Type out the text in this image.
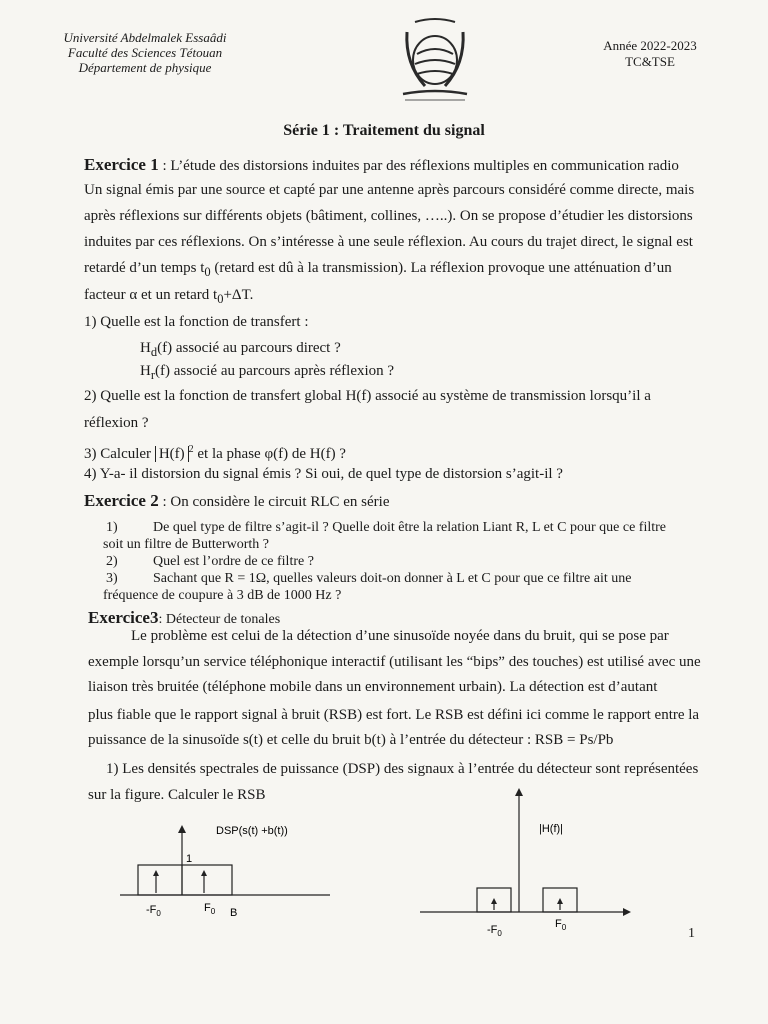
Université Abdelmalek Essaâdi
Faculté des Sciences Tétouan
Département de physique
Année 2022-2023
TC&TSE
Série 1 : Traitement du signal
Exercice 1 : L’étude des distorsions induites par des réflexions multiples en communication radio
Un signal émis par une source et capté par une antenne après parcours considéré comme directe, mais
après réflexions sur différents objets (bâtiment, collines, …..). On se propose d’étudier les distorsions
induites par ces réflexions. On s’intéresse à une seule réflexion. Au cours du trajet direct, le signal est
retardé d’un temps $t_0$ (retard est dû à la transmission). La réflexion provoque une atténuation d’un
facteur α et un retard $t_0+\Delta T$.
1) Quelle est la fonction de transfert :
$H_d(f)$ associé au parcours direct ?
$H_r(f)$ associé au parcours après réflexion ?
2) Quelle est la fonction de transfert global H(f) associé au système de transmission lorsqu’il a
réflexion ?
3) Calculer H(f) $^2$ et la phase φ(f) de H(f) ?
4) Y-a- il distorsion du signal émis ? Si oui, de quel type de distorsion s’agit-il ?
Exercice 2 : On considère le circuit RLC en série
1)	De quel type de filtre s’agit-il ? Quelle doit être la relation Liant R, L et C pour que ce filtre
soit un filtre de Butterworth ?
2)	Quel est l’ordre de ce filtre ?
3)	Sachant que R = 1Ω, quelles valeurs doit-on donner à L et C pour que ce filtre ait une
fréquence de coupure à 3 dB de 1000 Hz ?
Exercice3: Détecteur de tonales
Le problème est celui de la détection d’une sinusoïde noyée dans du bruit, qui se pose par
exemple lorsqu’un service téléphonique interactif (utilisant les “bips” des touches) est utilisé avec une
liaison très bruitée (téléphone mobile dans un environnement urbain). La détection est d’autant
plus fiable que le rapport signal à bruit (RSB) est fort. Le RSB est défini ici comme le rapport entre la
puissance de la sinusoïde s(t) et celle du bruit b(t) à l’entrée du détecteur : RSB = Ps/Pb
1) Les densités spectrales de puissance (DSP) des signaux à l’entrée du détecteur sont représentées
sur la figure. Calculer le RSB
DSP(s(t) +b(t))
1
$-F_0$	$F_0$ B
|H(f)|
$-F_0$
$F_0$	1
